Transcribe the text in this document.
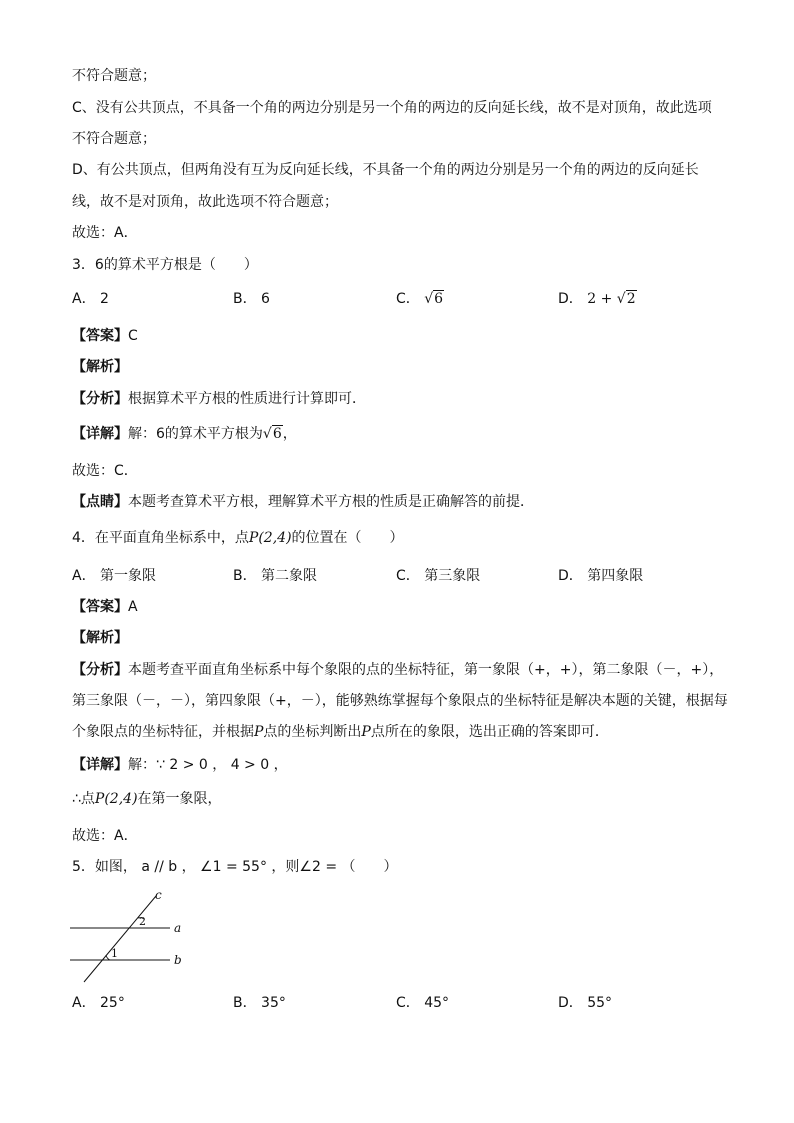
不符合题意；
C、没有公共顶点，不具备一个角的两边分别是另一个角的两边的反向延长线，故不是对顶角，故此选项
不符合题意；
D、有公共顶点，但两角没有互为反向延长线，不具备一个角的两边分别是另一个角的两边的反向延长
线，故不是对顶角，故此选项不符合题意；
故选：A．
3．6的算术平方根是（　　）
A． 2	B． 6	C． √6	D． 2 + √2
【答案】C
【解析】
【分析】根据算术平方根的性质进行计算即可．
【详解】解：6的算术平方根为√6，
故选：C．
【点睛】本题考查算术平方根，理解算术平方根的性质是正确解答的前提．
4．在平面直角坐标系中，点P(2,4)的位置在（　　）
A． 第一象限	B． 第二象限	C． 第三象限	D． 第四象限
【答案】A
【解析】
【分析】本题考查平面直角坐标系中每个象限的点的坐标特征，第一象限（+，+），第二象限（－，+），
第三象限（－，－），第四象限（+，－），能够熟练掌握每个象限点的坐标特征是解决本题的关键，根据每
个象限点的坐标特征，并根据P点的坐标判断出P点所在的象限，选出正确的答案即可．
【详解】解：∵ 2 > 0 ， 4 > 0 ，
∴点P(2,4)在第一象限，
故选：A．
5．如图， a // b ， ∠1 = 55° ，则∠2 = （　　）
c
a
b
1
2
A． 25°	B． 35°	C． 45°	D． 55°
